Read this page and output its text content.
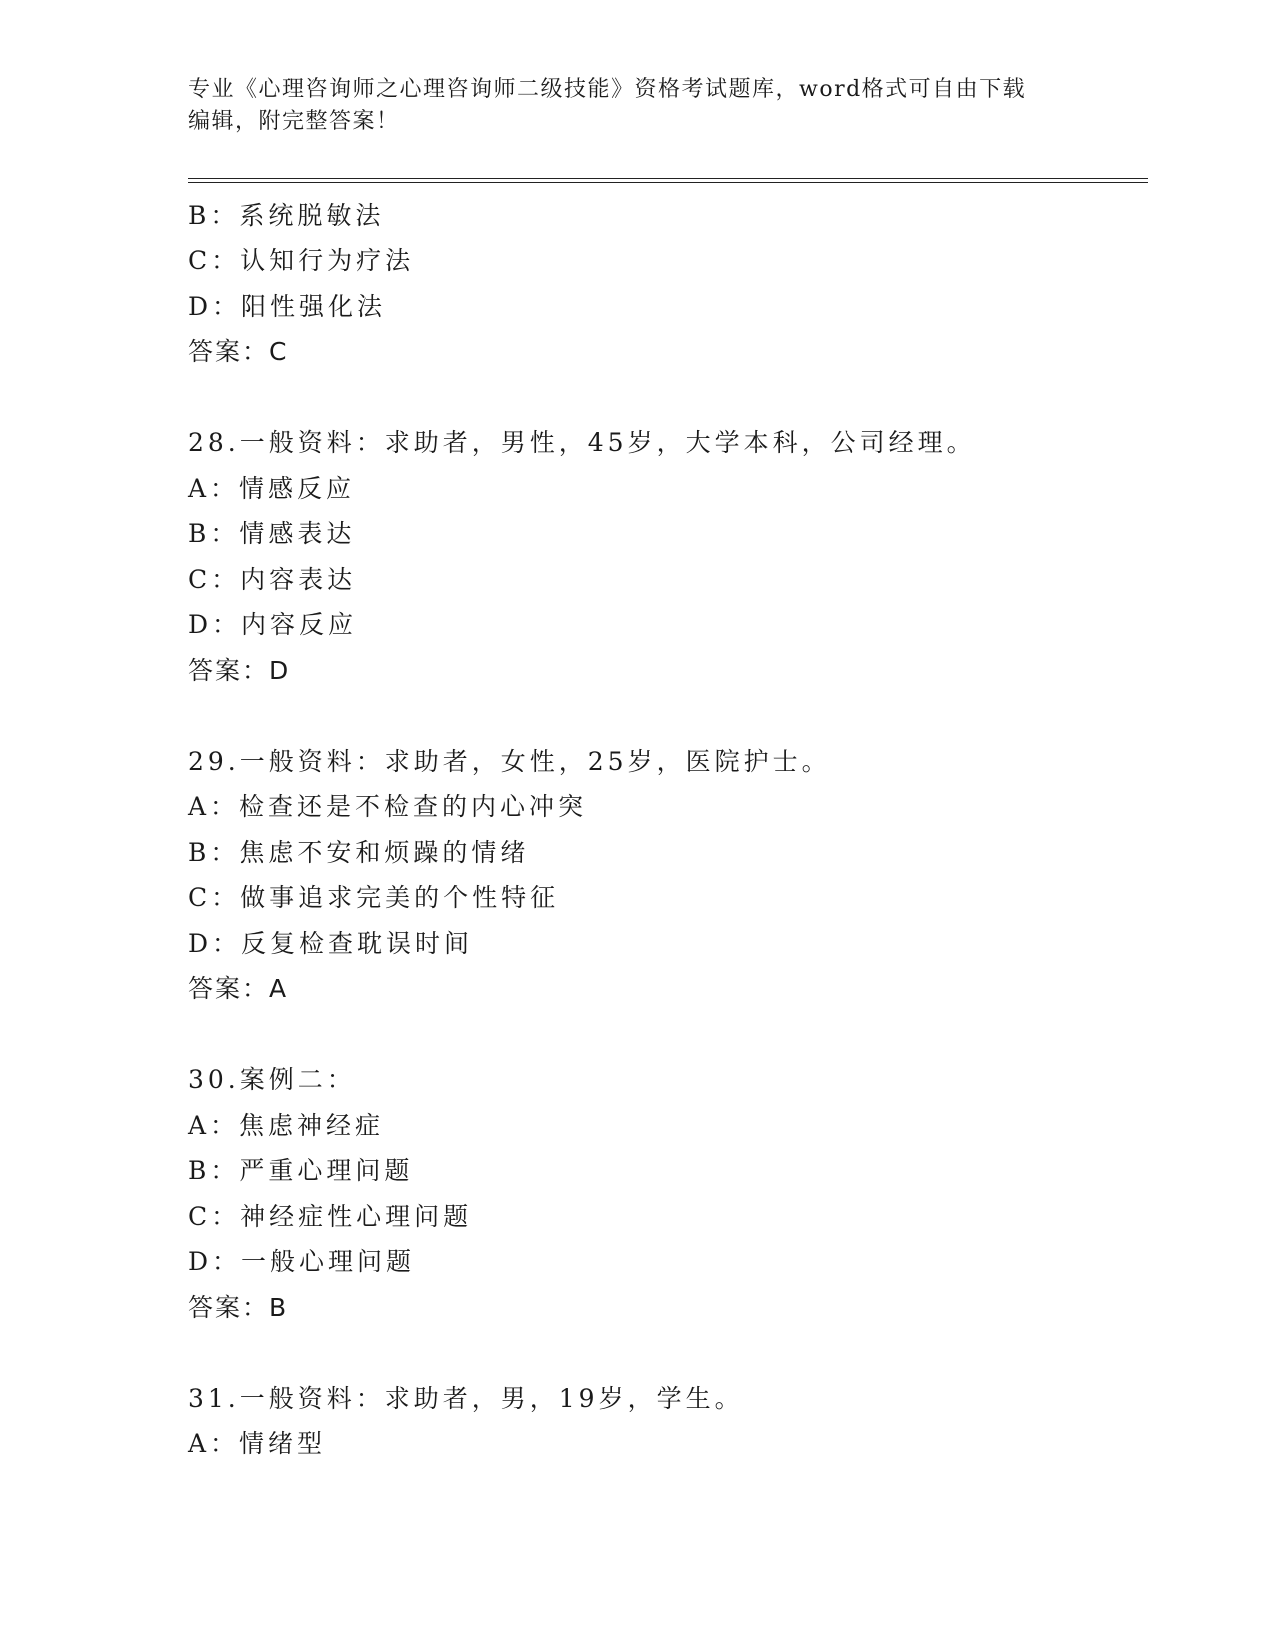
专业《心理咨询师之心理咨询师二级技能》资格考试题库，word格式可自由下载
编辑，附完整答案！
B：系统脱敏法
C：认知行为疗法
D：阳性强化法
答案：C
28.一般资料：求助者，男性，45岁，大学本科，公司经理。
A：情感反应
B：情感表达
C：内容表达
D：内容反应
答案：D
29.一般资料：求助者，女性，25岁，医院护士。
A：检查还是不检查的内心冲突
B：焦虑不安和烦躁的情绪
C：做事追求完美的个性特征
D：反复检查耽误时间
答案：A
30.案例二：
A：焦虑神经症
B：严重心理问题
C：神经症性心理问题
D：一般心理问题
答案：B
31.一般资料：求助者，男，19岁，学生。
A：情绪型
